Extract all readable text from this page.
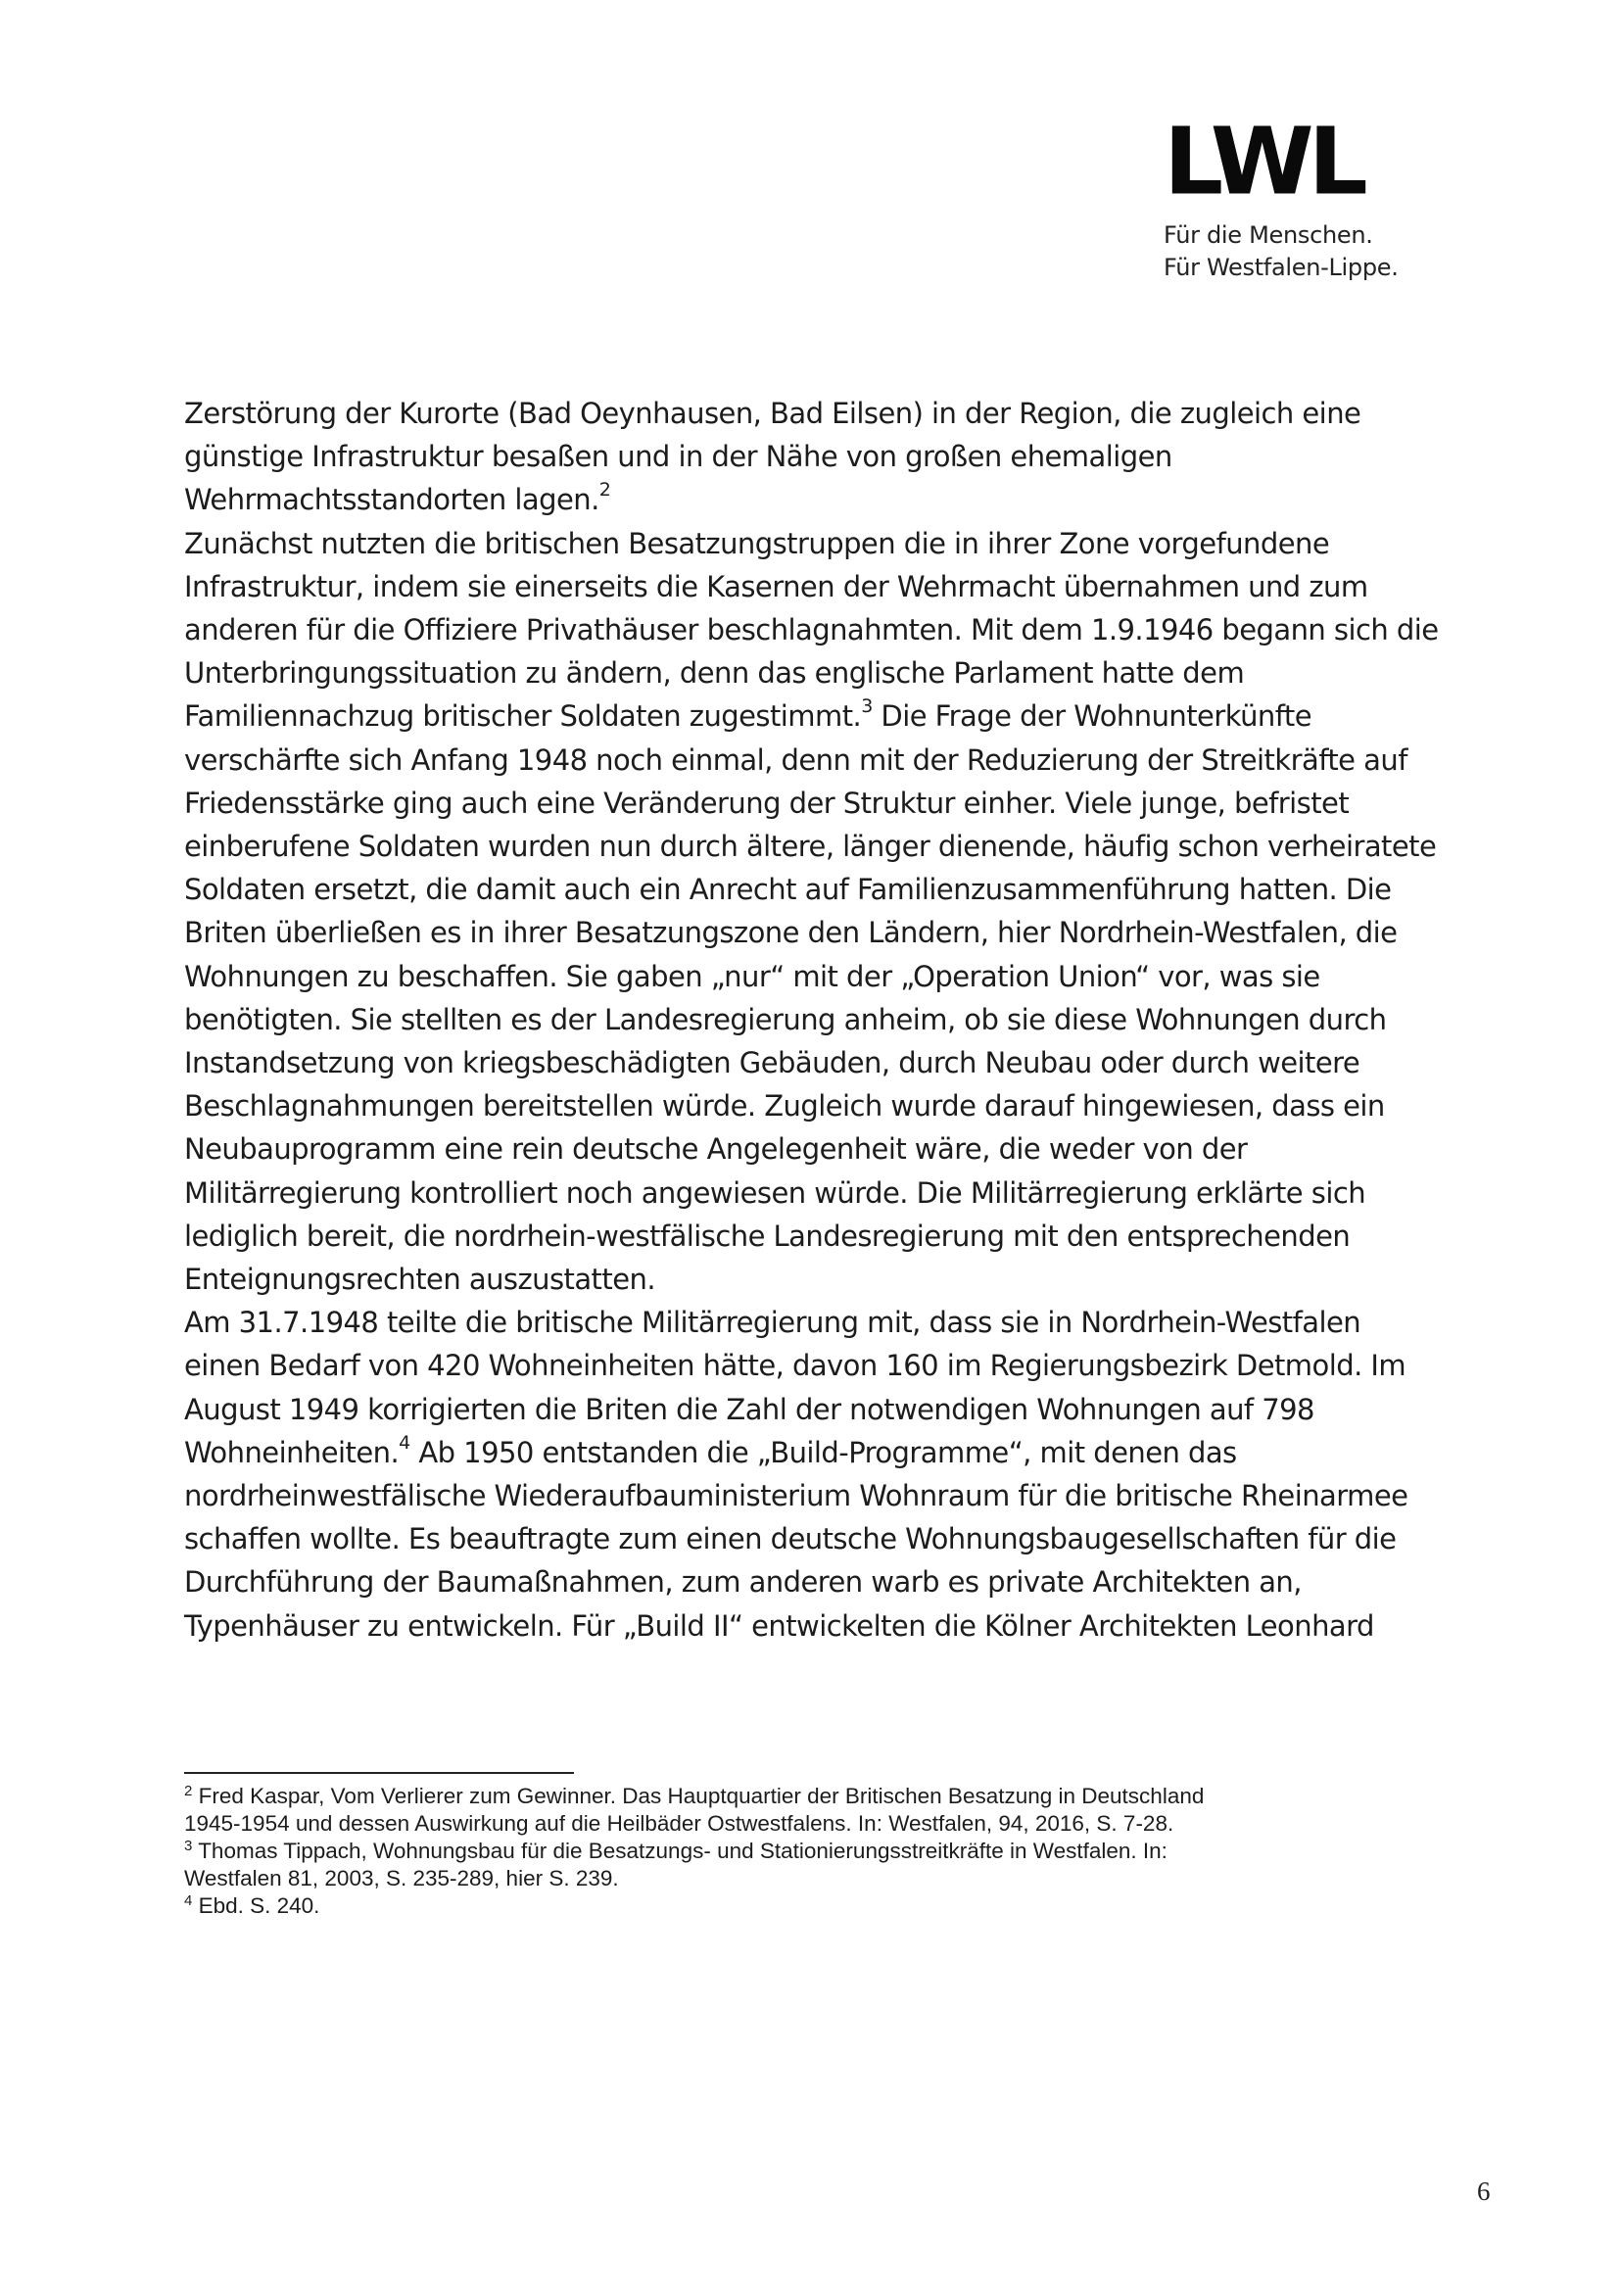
LWL
Für die Menschen.
Für Westfalen-Lippe.

Zerstörung der Kurorte (Bad Oeynhausen, Bad Eilsen) in der Region, die zugleich eine
günstige Infrastruktur besaßen und in der Nähe von großen ehemaligen
Wehrmachtsstandorten lagen.$^2$

Zunächst nutzten die britischen Besatzungstruppen die in ihrer Zone vorgefundene
Infrastruktur, indem sie einerseits die Kasernen der Wehrmacht übernahmen und zum
anderen für die Offiziere Privathäuser beschlagnahmten. Mit dem 1.9.1946 begann sich die
Unterbringungssituation zu ändern, denn das englische Parlament hatte dem
Familiennachzug britischer Soldaten zugestimmt.$^3$ Die Frage der Wohnunterkünfte
verschärfte sich Anfang 1948 noch einmal, denn mit der Reduzierung der Streitkräfte auf
Friedensstärke ging auch eine Veränderung der Struktur einher. Viele junge, befristet
einberufene Soldaten wurden nun durch ältere, länger dienende, häufig schon verheiratete
Soldaten ersetzt, die damit auch ein Anrecht auf Familienzusammenführung hatten. Die
Briten überließen es in ihrer Besatzungszone den Ländern, hier Nordrhein-Westfalen, die
Wohnungen zu beschaffen. Sie gaben „nur“ mit der „Operation Union“ vor, was sie
benötigten. Sie stellten es der Landesregierung anheim, ob sie diese Wohnungen durch
Instandsetzung von kriegsbeschädigten Gebäuden, durch Neubau oder durch weitere
Beschlagnahmungen bereitstellen würde. Zugleich wurde darauf hingewiesen, dass ein
Neubauprogramm eine rein deutsche Angelegenheit wäre, die weder von der
Militärregierung kontrolliert noch angewiesen würde. Die Militärregierung erklärte sich
lediglich bereit, die nordrhein-westfälische Landesregierung mit den entsprechenden
Enteignungsrechten auszustatten.

Am 31.7.1948 teilte die britische Militärregierung mit, dass sie in Nordrhein-Westfalen
einen Bedarf von 420 Wohneinheiten hätte, davon 160 im Regierungsbezirk Detmold. Im
August 1949 korrigierten die Briten die Zahl der notwendigen Wohnungen auf 798
Wohneinheiten.$^4$ Ab 1950 entstanden die „Build-Programme“, mit denen das
nordrheinwestfälische Wiederaufbauministerium Wohnraum für die britische Rheinarmee
schaffen wollte. Es beauftragte zum einen deutsche Wohnungsbaugesellschaften für die
Durchführung der Baumaßnahmen, zum anderen warb es private Architekten an,
Typenhäuser zu entwickeln. Für „Build II“ entwickelten die Kölner Architekten Leonhard

$^2$ Fred Kaspar, Vom Verlierer zum Gewinner. Das Hauptquartier der Britischen Besatzung in Deutschland
1945-1954 und dessen Auswirkung auf die Heilbäder Ostwestfalens. In: Westfalen, 94, 2016, S. 7-28.

$^3$ Thomas Tippach, Wohnungsbau für die Besatzungs- und Stationierungsstreitkräfte in Westfalen. In:
Westfalen 81, 2003, S. 235-289, hier S. 239.

$^4$ Ebd. S. 240.

6
